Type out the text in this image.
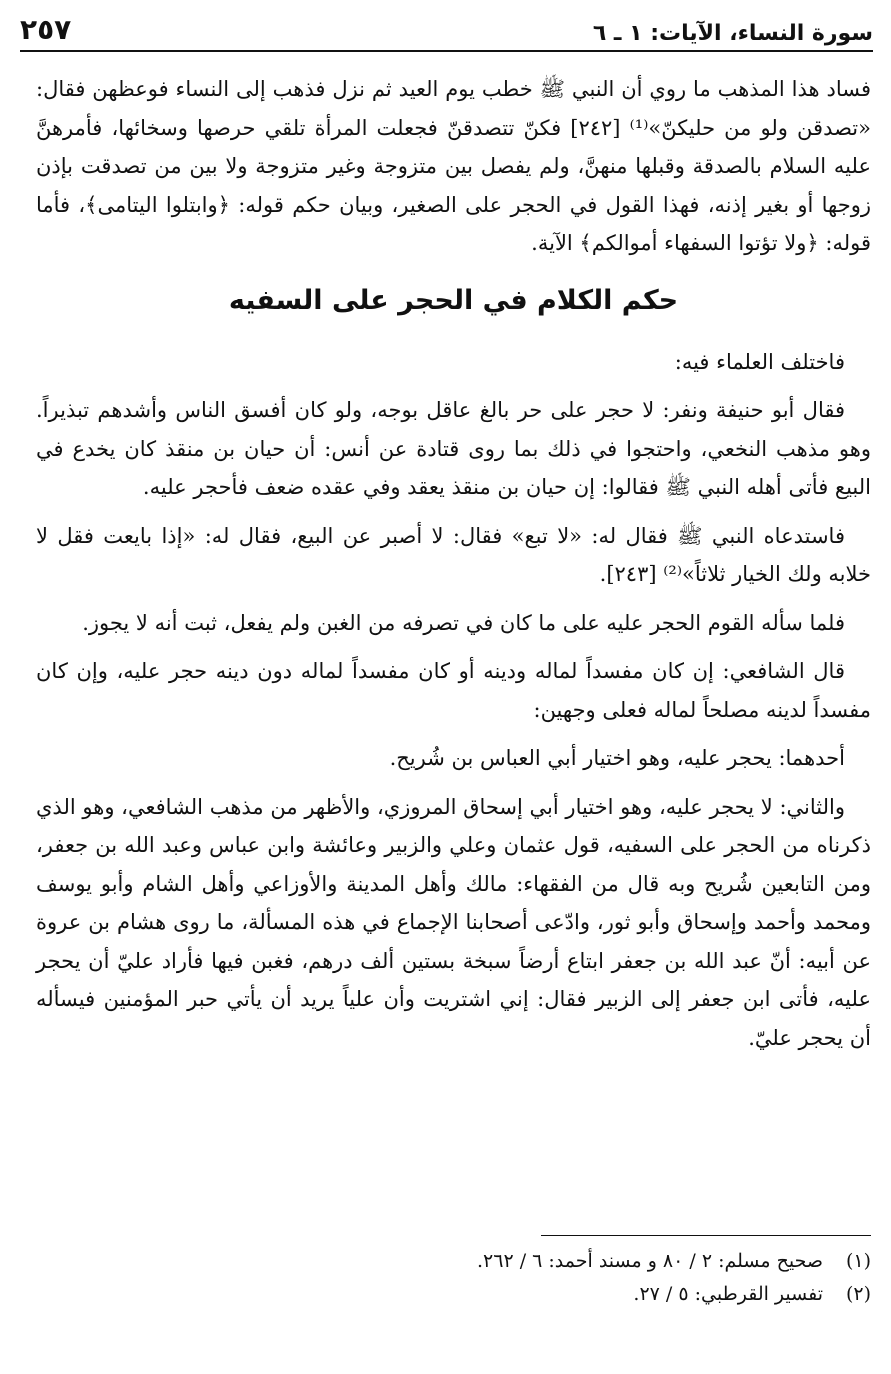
سورة النساء، الآيات: ١ ـ ٦
٢٥٧

فساد هذا المذهب ما روي أن النبي ﷺ خطب يوم العيد ثم نزل فذهب إلى النساء فوعظهن فقال: «تصدقن ولو من حليكنّ»⁽¹⁾ [٢٤٢] فكنّ تتصدقنّ فجعلت المرأة تلقي حرصها وسخائها، فأمرهنَّ عليه السلام بالصدقة وقبلها منهنَّ، ولم يفصل بين متزوجة وغير متزوجة ولا بين من تصدقت بإذن زوجها أو بغير إذنه، فهذا القول في الحجر على الصغير، وبيان حكم قوله: ﴿وابتلوا اليتامى﴾، فأما قوله: ﴿ولا تؤتوا السفهاء أموالكم﴾ الآية.

حكم الكلام في الحجر على السفيه

فاختلف العلماء فيه:

فقال أبو حنيفة ونفر: لا حجر على حر بالغ عاقل بوجه، ولو كان أفسق الناس وأشدهم تبذيراً. وهو مذهب النخعي، واحتجوا في ذلك بما روى قتادة عن أنس: أن حيان بن منقذ كان يخدع في البيع فأتى أهله النبي ﷺ فقالوا: إن حيان بن منقذ يعقد وفي عقده ضعف فأحجر عليه.

فاستدعاه النبي ﷺ فقال له: «لا تبع» فقال: لا أصبر عن البيع، فقال له: «إذا بايعت فقل لا خلابه ولك الخيار ثلاثاً»⁽²⁾ [٢٤٣].

فلما سأله القوم الحجر عليه على ما كان في تصرفه من الغبن ولم يفعل، ثبت أنه لا يجوز.

قال الشافعي: إن كان مفسداً لماله ودينه أو كان مفسداً لماله دون دينه حجر عليه، وإن كان مفسداً لدينه مصلحاً لماله فعلى وجهين:

أحدهما: يحجر عليه، وهو اختيار أبي العباس بن شُريح.

والثاني: لا يحجر عليه، وهو اختيار أبي إسحاق المروزي، والأظهر من مذهب الشافعي، وهو الذي ذكرناه من الحجر على السفيه، قول عثمان وعلي والزبير وعائشة وابن عباس وعبد الله بن جعفر، ومن التابعين شُريح وبه قال من الفقهاء: مالك وأهل المدينة والأوزاعي وأهل الشام وأبو يوسف ومحمد وأحمد وإسحاق وأبو ثور، وادّعى أصحابنا الإجماع في هذه المسألة، ما روى هشام بن عروة عن أبيه: أنّ عبد الله بن جعفر ابتاع أرضاً سبخة بستين ألف درهم، فغبن فيها فأراد عليّ أن يحجر عليه، فأتى ابن جعفر إلى الزبير فقال: إني اشتريت وأن علياً يريد أن يأتي حبر المؤمنين فيسأله أن يحجر عليّ.

(١)
صحيح مسلم: ٢ / ٨٠ و مسند أحمد: ٦ / ٢٦٢.
(٢)
تفسير القرطبي: ٥ / ٢٧.
